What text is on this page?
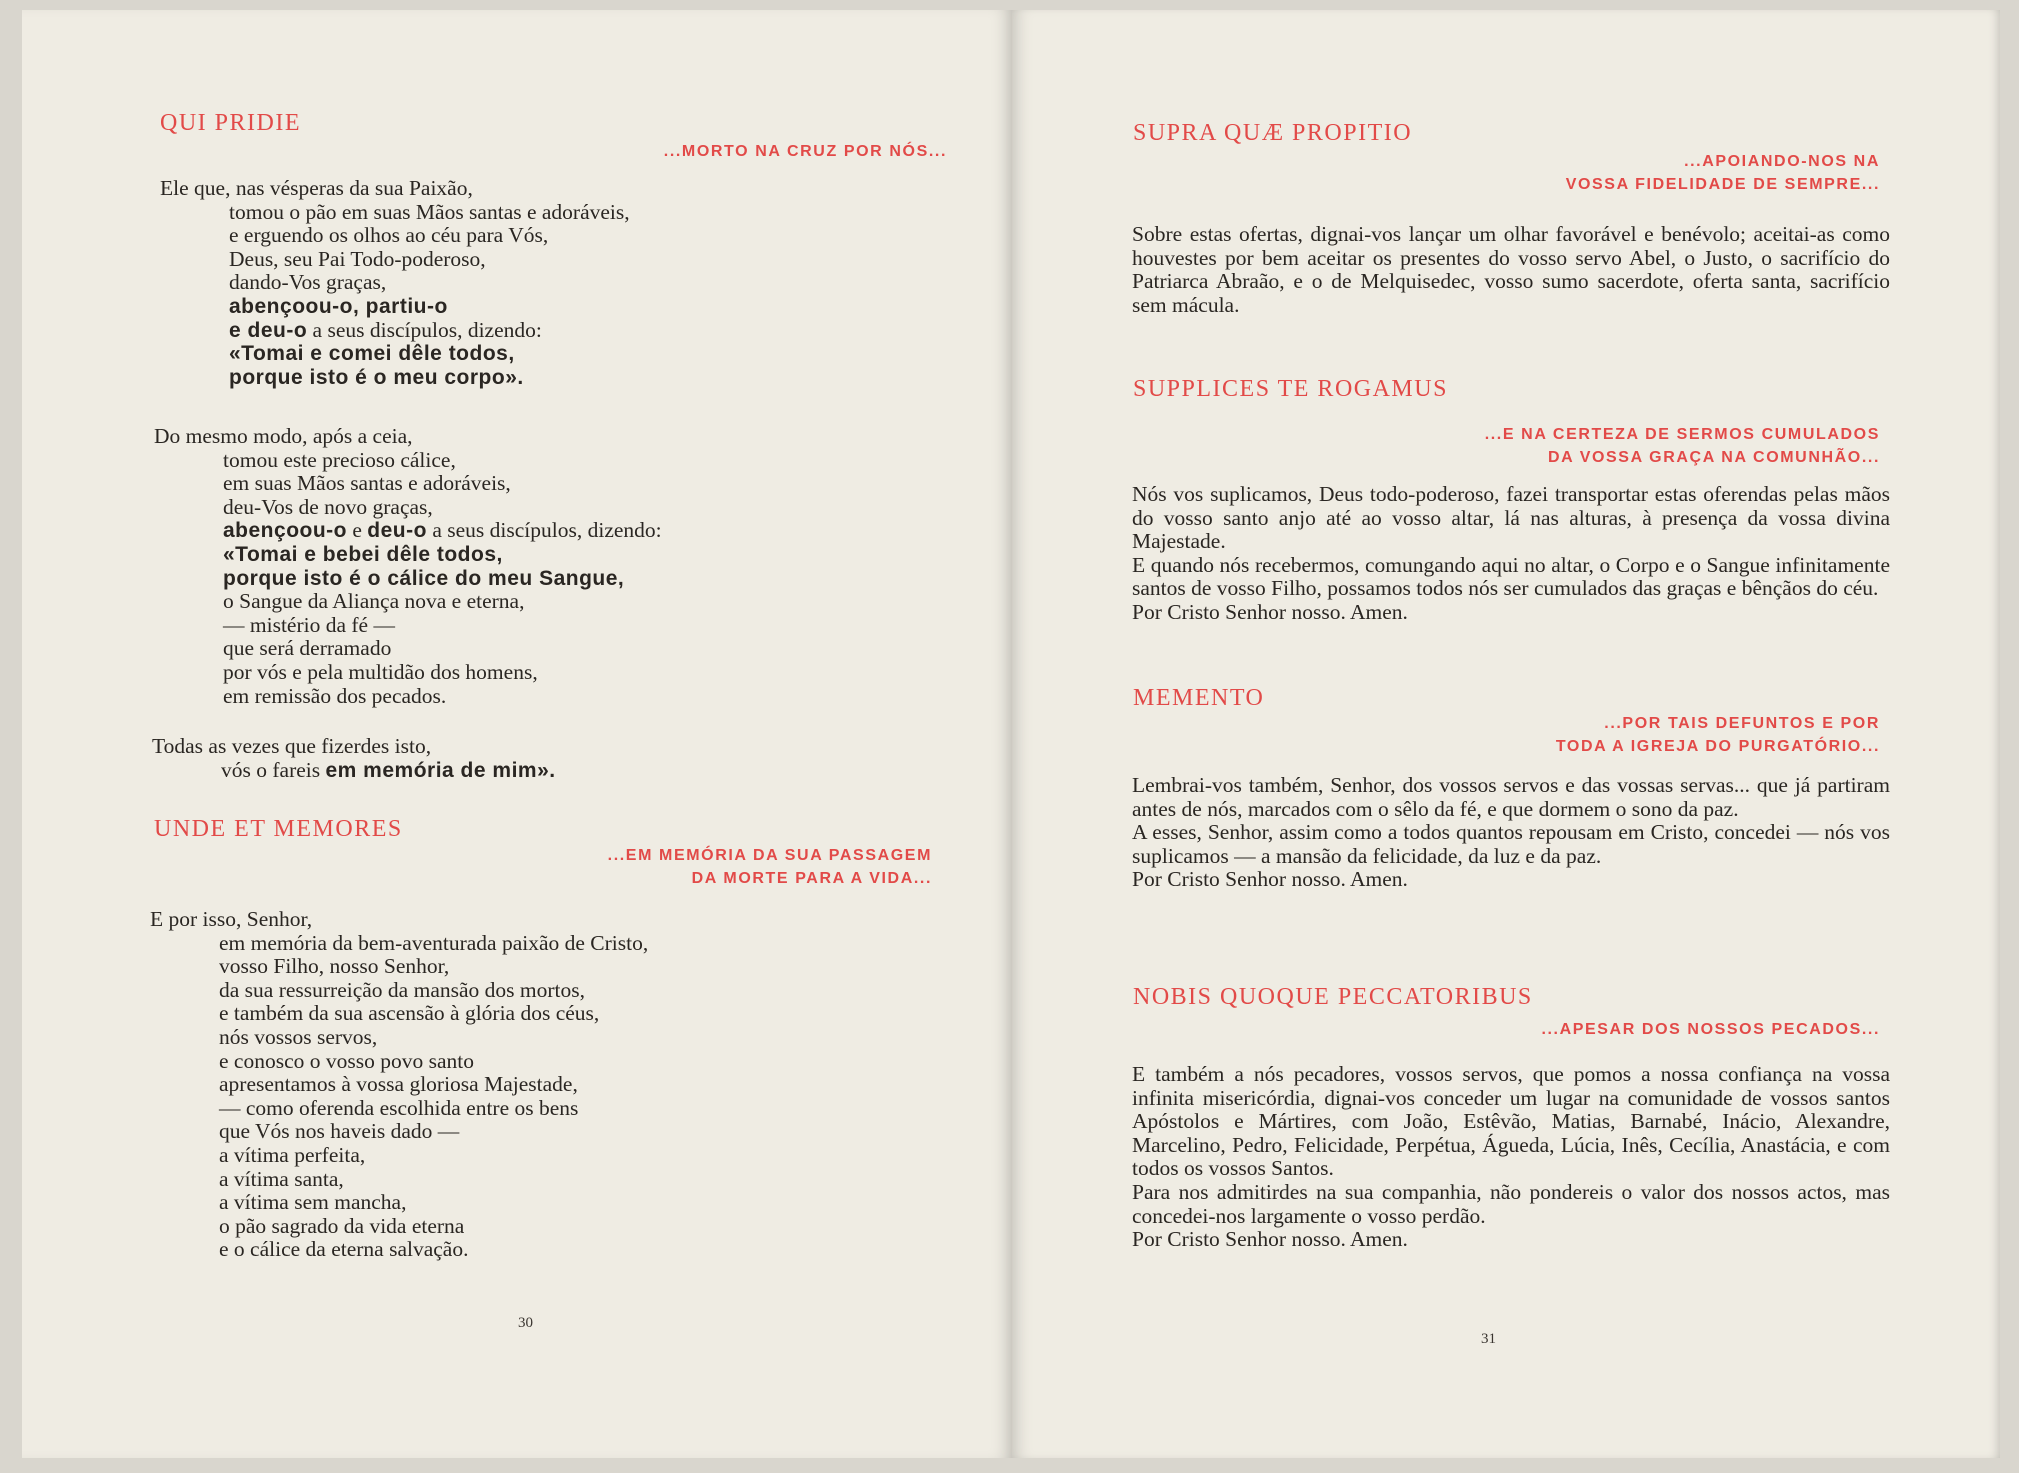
QUI PRIDIE
...MORTO NA CRUZ POR NÓS...
Ele que, nas vésperas da sua Paixão,
tomou o pão em suas Mãos santas e adoráveis,
e erguendo os olhos ao céu para Vós,
Deus, seu Pai Todo-poderoso,
dando-Vos graças,
abençoou-o, partiu-o
e deu-o a seus discípulos, dizendo:
«Tomai e comei dêle todos,
porque isto é o meu corpo».
Do mesmo modo, após a ceia,
tomou este precioso cálice,
em suas Mãos santas e adoráveis,
deu-Vos de novo graças,
abençoou-o e deu-o a seus discípulos, dizendo:
«Tomai e bebei dêle todos,
porque isto é o cálice do meu Sangue,
o Sangue da Aliança nova e eterna,
— mistério da fé —
que será derramado
por vós e pela multidão dos homens,
em remissão dos pecados.
Todas as vezes que fizerdes isto,
vós o fareis em memória de mim».
UNDE ET MEMORES
...EM MEMÓRIA DA SUA PASSAGEM
DA MORTE PARA A VIDA...
E por isso, Senhor,
em memória da bem-aventurada paixão de Cristo,
vosso Filho, nosso Senhor,
da sua ressurreição da mansão dos mortos,
e também da sua ascensão à glória dos céus,
nós vossos servos,
e conosco o vosso povo santo
apresentamos à vossa gloriosa Majestade,
— como oferenda escolhida entre os bens
que Vós nos haveis dado —
a vítima perfeita,
a vítima santa,
a vítima sem mancha,
o pão sagrado da vida eterna
e o cálice da eterna salvação.
30
SUPRA QUÆ PROPITIO
...APOIANDO-NOS NA
VOSSA FIDELIDADE DE SEMPRE...
Sobre estas ofertas, dignai-vos lançar um olhar favorável e benévolo; aceitai-as como houvestes por bem aceitar os presentes do vosso servo Abel, o Justo, o sacrifício do Patriarca Abraão, e o de Melquisedec, vosso sumo sacerdote, oferta santa, sacrifício sem mácula.
SUPPLICES TE ROGAMUS
...E NA CERTEZA DE SERMOS CUMULADOS
DA VOSSA GRAÇA NA COMUNHÃO...
Nós vos suplicamos, Deus todo-poderoso, fazei transportar estas oferendas pelas mãos do vosso santo anjo até ao vosso altar, lá nas alturas, à presença da vossa divina Majestade.
E quando nós recebermos, comungando aqui no altar, o Corpo e o Sangue infinitamente santos de vosso Filho, possamos todos nós ser cumulados das graças e bênçãos do céu.
Por Cristo Senhor nosso. Amen.
MEMENTO
...POR TAIS DEFUNTOS E POR
TODA A IGREJA DO PURGATÓRIO...
Lembrai-vos também, Senhor, dos vossos servos e das vossas servas... que já partiram antes de nós, marcados com o sêlo da fé, e que dormem o sono da paz.
A esses, Senhor, assim como a todos quantos repousam em Cristo, concedei — nós vos suplicamos — a mansão da felicidade, da luz e da paz.
Por Cristo Senhor nosso. Amen.
NOBIS QUOQUE PECCATORIBUS
...APESAR DOS NOSSOS PECADOS...
E também a nós pecadores, vossos servos, que pomos a nossa confiança na vossa infinita misericórdia, dignai-vos conceder um lugar na comunidade de vossos santos Apóstolos e Mártires, com João, Estêvão, Matias, Barnabé, Inácio, Alexandre, Marcelino, Pedro, Felicidade, Perpétua, Águeda, Lúcia, Inês, Cecília, Anastácia, e com todos os vossos Santos.
Para nos admitirdes na sua companhia, não pondereis o valor dos nossos actos, mas concedei-nos largamente o vosso perdão.
Por Cristo Senhor nosso. Amen.
31
